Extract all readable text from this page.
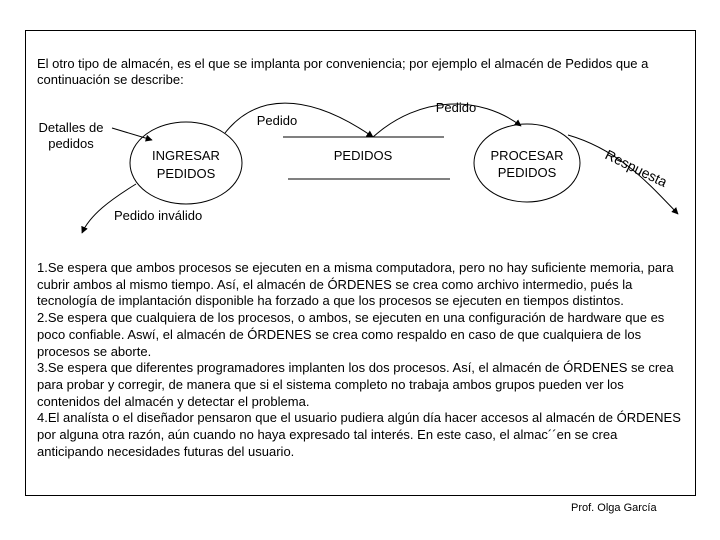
El otro tipo de almacén, es el que se implanta por conveniencia; por ejemplo el almacén de Pedidos que a continuación se describe:
Detalles de
pedidos
INGRESAR
PEDIDOS
PEDIDOS	PROCESAR
PEDIDOS
Pedido
Pedido
Pedido inválido
Respuesta

1.Se espera que ambos procesos se ejecuten en a misma computadora, pero no hay suficiente memoria, para cubrir ambos al mismo tiempo. Así, el almacén de ÓRDENES se crea como archivo intermedio, pués la tecnología de implantación disponible ha forzado a que los procesos se ejecuten en tiempos distintos.

2.Se espera que cualquiera de los procesos, o ambos, se ejecuten en una configuración de hardware que es poco confiable. Aswí, el almacén de ÓRDENES se crea como respaldo en caso de que cualquiera de los procesos se aborte.

3.Se espera que diferentes programadores implanten los dos procesos. Así, el almacén de ÓRDENES se crea para probar y corregir, de manera que si el sistema completo no trabaja ambos grupos pueden ver los contenidos del almacén y detectar el problema.

4.El analísta o el diseñador pensaron que el usuario pudiera algún día hacer accesos al almacén de ÓRDENES por alguna otra razón, aún cuando no haya expresado tal interés. En este caso, el almac´´en se crea anticipando necesidades futuras del usuario.

Prof. Olga García
